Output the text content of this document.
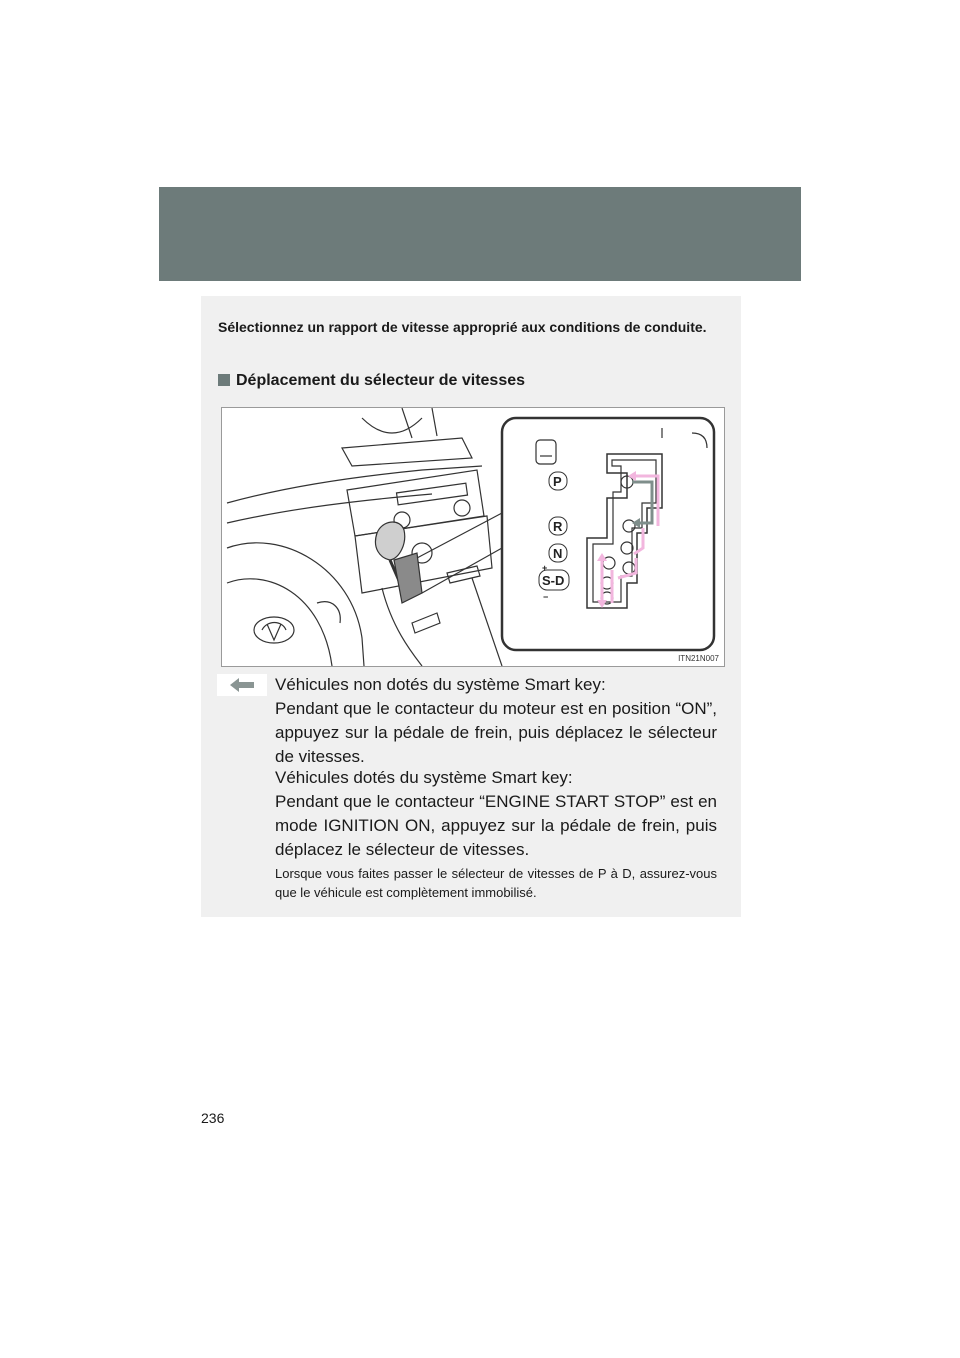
Sélectionnez un rapport de vitesse approprié aux conditions de conduite.
Déplacement du sélecteur de vitesses
P
R
N
S-D
+
−
ITN21N007
Véhicules non dotés du système Smart key:
Pendant que le contacteur du moteur est en position “ON”, appuyez sur la pédale de frein, puis déplacez le sélecteur de vitesses.
Véhicules dotés du système Smart key:
Pendant que le contacteur “ENGINE START STOP” est en mode IGNITION ON, appuyez sur la pédale de frein, puis déplacez le sélecteur de vitesses.
Lorsque vous faites passer le sélecteur de vitesses de P à D, assurez-vous que le véhicule est complètement immobilisé.
236
